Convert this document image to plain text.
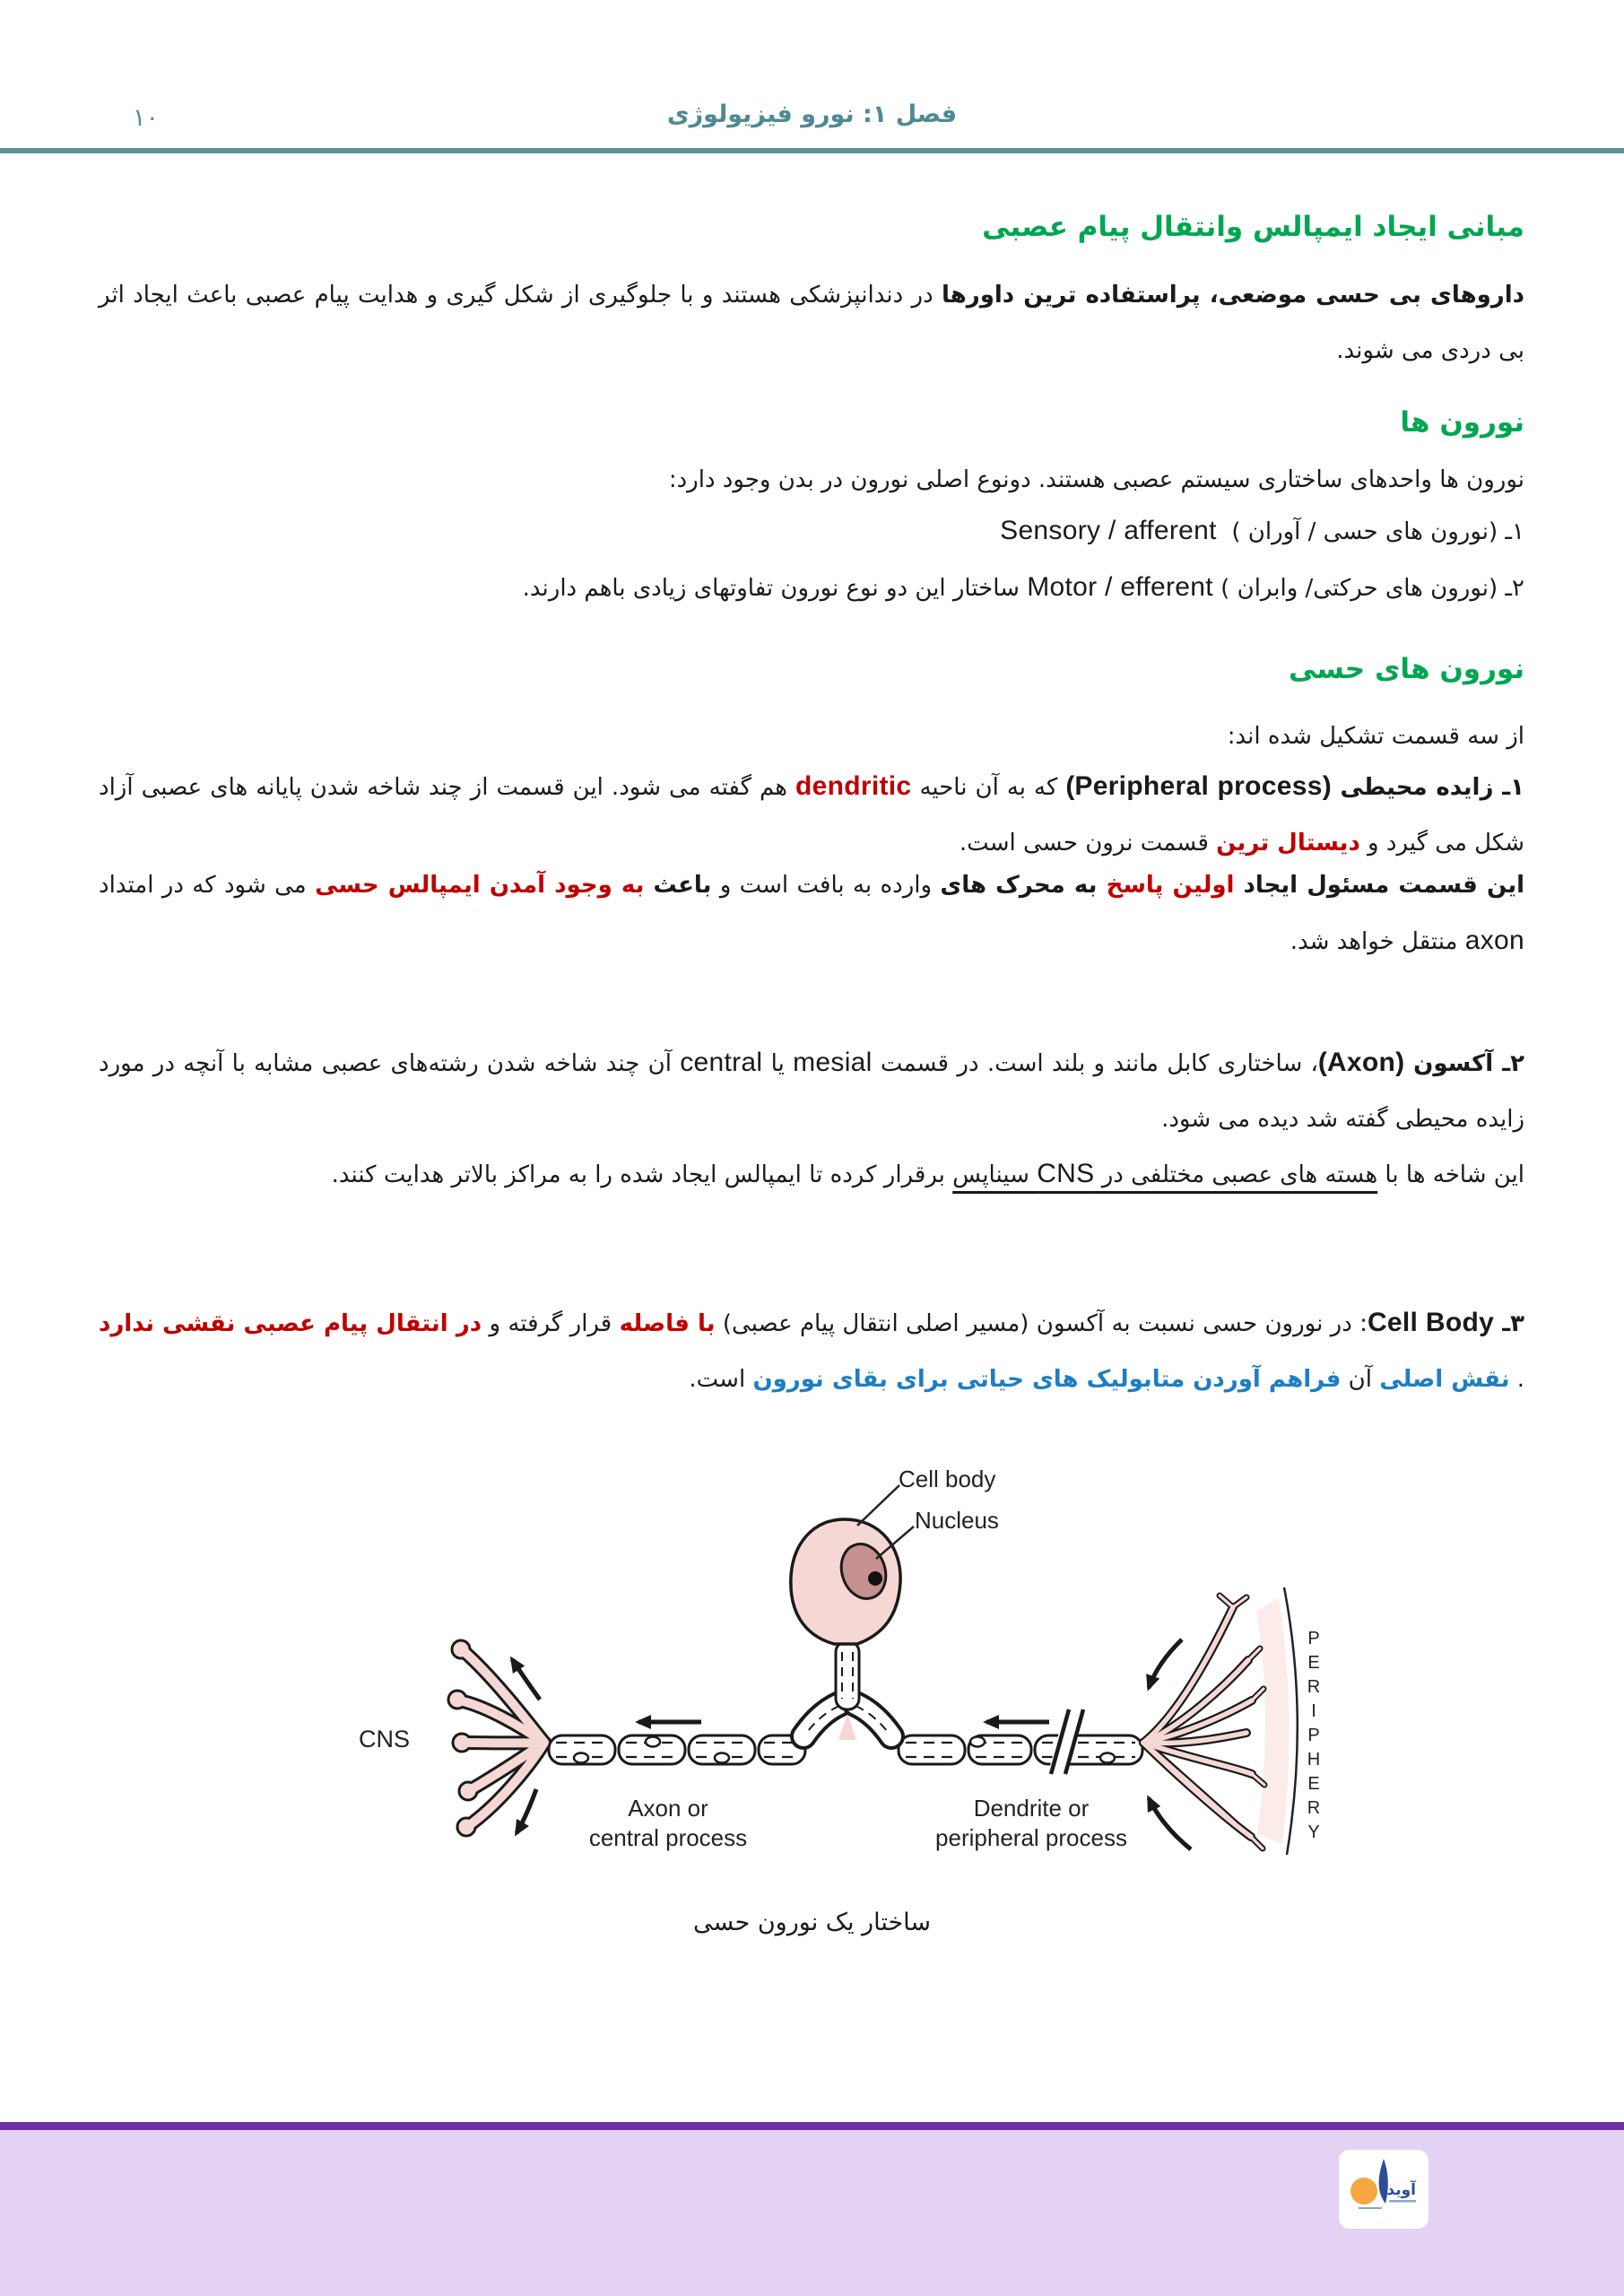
۱۰	فصل ۱: نورو فیزیولوژی
مبانی ایجاد ایمپالس وانتقال پیام عصبی

داروهای بی حسی موضعی، پراستفاده ترین داورها در دندانپزشکی هستند و با جلوگیری از شکل گیری و هدایت پیام عصبی باعث ایجاد اثر بی دردی می شوند.

نورون ها

نورون ها واحدهای ساختاری سیستم عصبی هستند. دونوع اصلی نورون در بدن وجود دارد:

۱ـ (نورون های حسی / آوران )  Sensory / afferent

۲ـ (نورون های حرکتی/ وابران ) Motor / efferent ساختار این دو نوع نورون تفاوتهای زیادی باهم دارند.

نورون های حسی

از سه قسمت تشکیل شده اند:

۱ـ زایده محیطی (Peripheral process) که به آن ناحیه dendritic هم گفته می شود. این قسمت از چند شاخه شدن پایانه های عصبی آزاد شکل می گیرد و دیستال ترین قسمت نرون حسی است.

این قسمت مسئول ایجاد اولین پاسخ به محرک های وارده به بافت است و باعث به وجود آمدن ایمپالس حسی می شود که در امتداد axon منتقل خواهد شد.

۲ـ آکسون (Axon)، ساختاری کابل مانند و بلند است. در قسمت mesial یا central آن چند شاخه شدن رشته‌های عصبی مشابه با آنچه در مورد زایده محیطی گفته شد دیده می شود.

این شاخه ها با هسته های عصبی مختلفی در CNS سیناپس برقرار کرده تا ایمپالس ایجاد شده را به مراکز بالاتر هدایت کنند.

۳ـ Cell Body: در نورون حسی نسبت به آکسون (مسیر اصلی انتقال پیام عصبی) با فاصله قرار گرفته و در انتقال پیام عصبی نقشی ندارد . نقش اصلی آن فراهم آوردن متابولیک های حیاتی برای بقای نورون است.

Cell body
Nucleus
CNS	PERIPHERY
Axon or
central process
Dendrite or
peripheral process
ساختار یک نورون حسی
آوید
